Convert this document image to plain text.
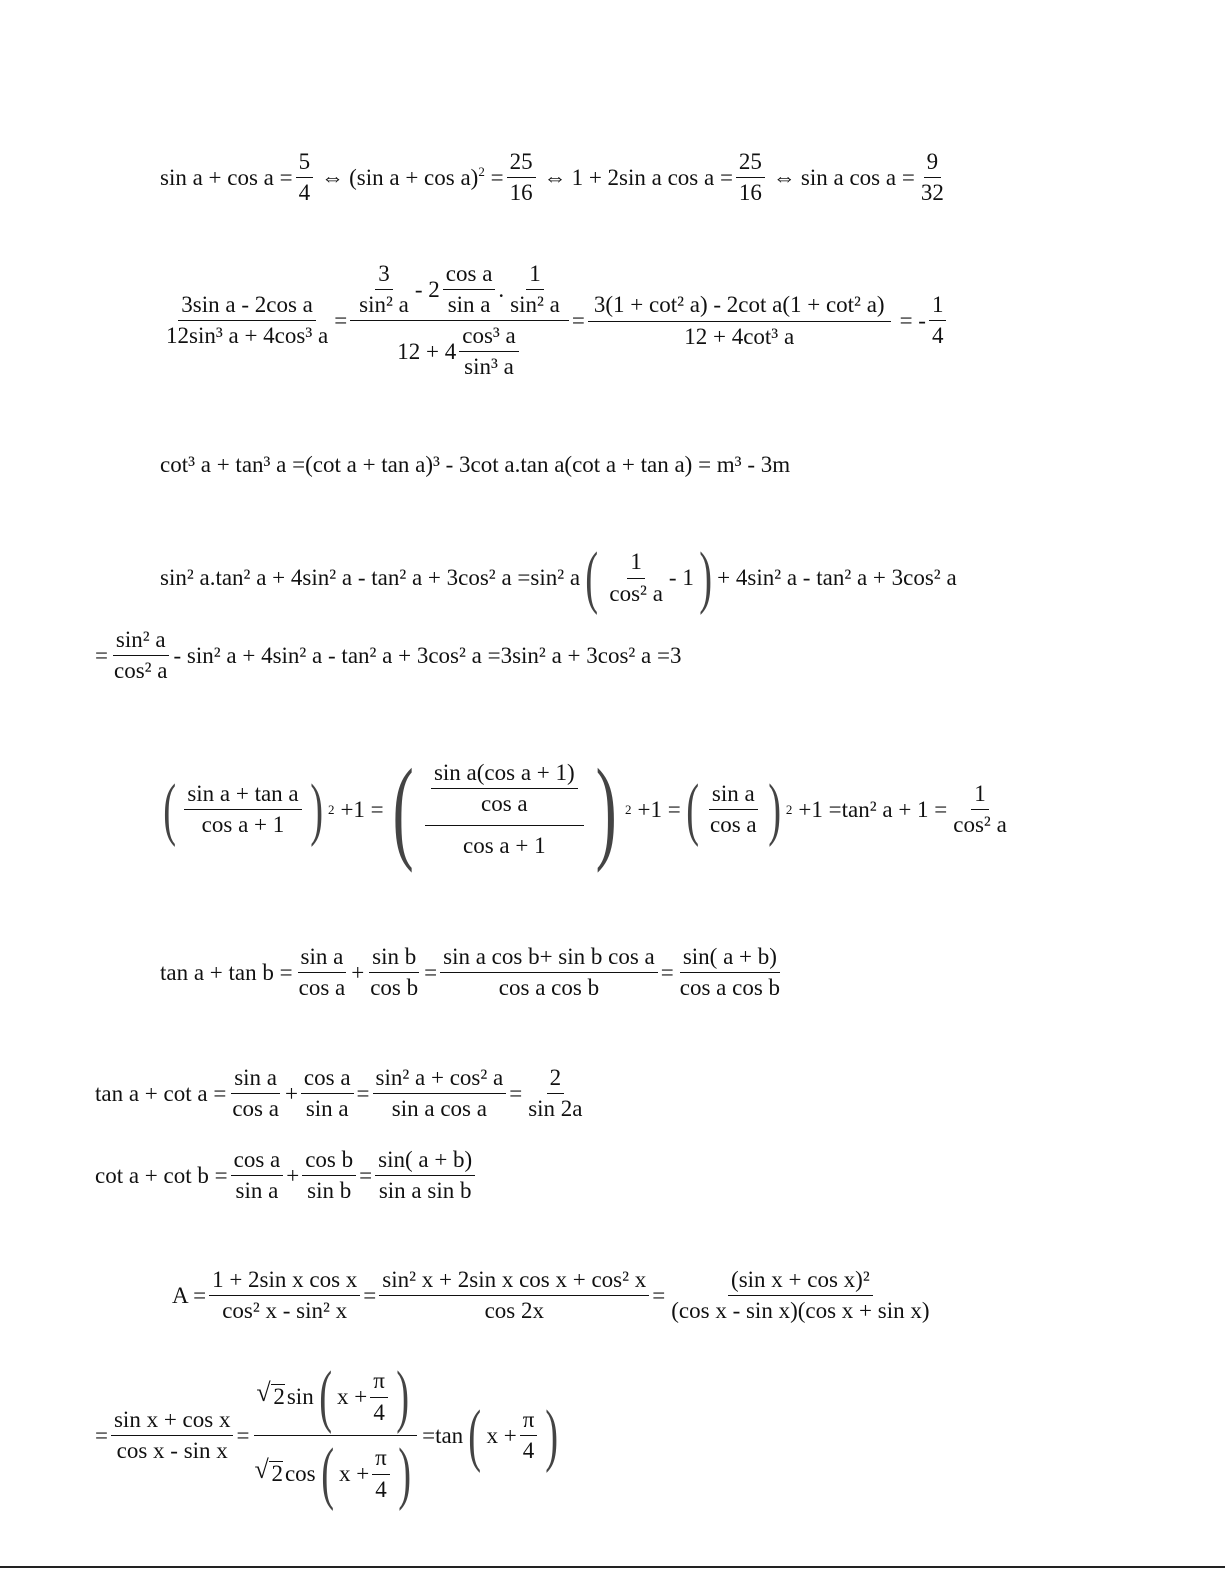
$\sin a + \cos a = \frac{5}{4}$ ⇔ (sin $a + \cos a)^2 = \frac{25}{16}$ ⇔ 1 + 2sin a $\cos a = \frac{25}{16}$ ⇔ sin a $\cos a = \frac{9}{32}$
$\frac{\text{3sin a - 2cos a}}{\text{12sin³ a + 4cos³ a}} = \frac{\frac{3}{\text{sin² a}} - 2 \frac{\text{cos a}}{\text{sin a}} . \frac{1}{\text{sin² a}}}{12 + 4 \frac{\text{cos³ a}}{\text{sin³ a}}} = \frac{\text{3(1 + cot² a) - 2cot a(1 + cot² a)}}{\text{12 + 4cot³ a}}$ = - $\frac{1}{4}$
cot³ a + tan³ a =(cot a + tan a)³ - 3cot a.tan a(cot a + tan a) = m³ - 3m
sin² a.tan² a + 4sin² a - tan² a + 3cos² a =sin² a ( $\frac{1}{\text{cos² a}} - 1$ ) + 4sin² a - tan² a + 3cos² a
= $\frac{\text{sin² a}}{\text{cos² a}} - \sin^2$ a + 4sin² a - tan² a + 3cos² a =3sin² a + 3cos² a =3
( $\frac{\text{sin a + tan a}}{\text{cos a + 1}}$ ) 2 +1 = ( $\frac{\frac{\text{sin a(cos a + 1)}}{\text{cos a}}}{\text{cos a + 1}}$ ) 2 +1 = ( $\frac{\text{sin a}}{\text{cos a}}$ ) 2 +1 =tan² $a + 1 = \frac{1}{\text{cos² a}}$
$\tan a + \tan b = \frac{\text{sin a}}{\text{cos a}} + \frac{\text{sin b}}{\text{cos b}} = \frac{\text{sin a cos b+ sin b cos a}}{\text{cos a cos b}} = \frac{\sin( a + b)}{\text{cos a cos b}}$
$\tan a + \cot a = \frac{\text{sin a}}{\text{cos a}} + \frac{\text{cos a}}{\text{sin a}} = \frac{\text{sin² a + cos² a}}{\text{sin a cos a}} = \frac{2}{\sin 2a}$
$\cot a + \cot b = \frac{\text{cos a}}{\text{sin a}} + \frac{\text{cos b}}{\text{sin b}} = \frac{\sin( a + b)}{\text{sin a sin b}}$
$A = \frac{\text{1 + 2sin x cos x}}{\text{cos² x - sin² x}} = \frac{\text{sin² x + 2sin x cos x + cos² x}}{\cos 2x} = \frac{\text{(sin x + cos x)²}}{\text{(cos x - sin x)(cos x + sin x)}}$
= $\frac{\text{sin x + cos x}}{\text{cos x - sin x}}$ =
√ 2 sin ( $x + \frac{\pi}{4}$ )
√ 2 cos ( $x + \frac{\pi}{4}$ ) =tan ( $x + \frac{\pi}{4}$ )
